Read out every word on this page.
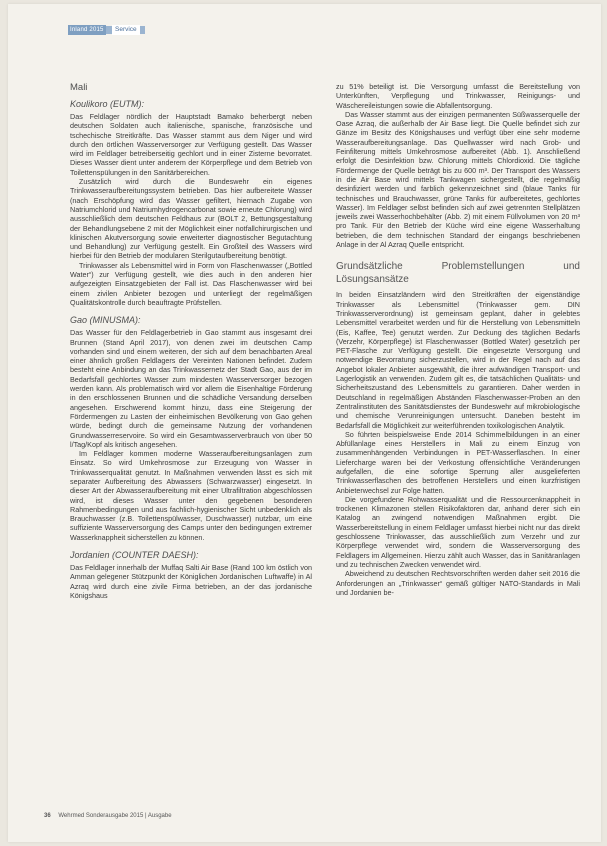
Inland 2015	Service
Mali
Koulikoro (EUTM):

Das Feldlager nördlich der Hauptstadt Bamako beherbergt neben deutschen Soldaten auch italienische, spanische, französische und tschechische Streitkräfte. Das Wasser stammt aus dem Niger und wird durch den örtlichen Wasserversorger zur Verfügung gestellt. Das Wasser wird im Feldlager betreiberseitig gechlort und in einer Zisterne bevorratet. Dieses Wasser dient unter anderem der Körperpflege und dem Betrieb von Toilettenspülungen in den Sanitärbereichen.

Zusätzlich wird durch die Bundeswehr ein eigenes Trinkwasseraufbereitungssystem betrieben. Das hier aufbereitete Wasser (nach Erschöpfung wird das Wasser gefiltert, hiernach Zugabe von Natriumchlorid und Natriumhydrogencarbonat sowie erneute Chlorung) wird ausschließlich dem deutschen Feldhaus zur (BOLT 2, Bettungsgestaltung der Behandlungsebene 2 mit der Möglichkeit einer notfallchirurgischen und klinischen Akutversorgung sowie erweiterter diagnostischer Begutachtung und Behandlung) zur Verfügung gestellt. Ein Großteil des Wassers wird hierbei für den Betrieb der modularen Sterilgutaufbereitung benötigt.

Trinkwasser als Lebensmittel wird in Form von Flaschenwasser („Bottled Water“) zur Verfügung gestellt, wie dies auch in den anderen hier aufgezeigten Einsatzgebieten der Fall ist. Das Flaschenwasser wird bei einem zivilen Anbieter bezogen und unterliegt der regelmäßigen Qualitätskontrolle durch beauftragte Prüfstellen.

Gao (MINUSMA):

Das Wasser für den Feldlagerbetrieb in Gao stammt aus insgesamt drei Brunnen (Stand April 2017), von denen zwei im deutschen Camp vorhanden sind und einem weiteren, der sich auf dem benachbarten Areal einer ähnlich großen Feldlagers der Vereinten Nationen befindet. Zudem besteht eine Anbindung an das Trinkwassernetz der Stadt Gao, aus der im Bedarfsfall gechlortes Wasser zum mindesten Wasserversorger bezogen werden kann. Als problematisch wird vor allem die Eisenhaltige Förderung in den erschlossenen Brunnen und die schädliche Versandung derselben angesehen. Erschwerend kommt hinzu, dass eine Steigerung der Fördermengen zu Lasten der einheimischen Bevölkerung von Gao gehen würde, bedingt durch die gemeinsame Nutzung der vorhandenen Grundwasserreservoire. So wird ein Gesamtwasserverbrauch von über 50 l/Tag/Kopf als kritisch angesehen.

Im Feldlager kommen moderne Wasseraufbereitungsanlagen zum Einsatz. So wird Umkehrosmose zur Erzeugung von Wasser in Trinkwasserqualität genutzt. In Maßnahmen verwenden lässt es sich mit separater Aufbereitung des Abwassers (Schwarzwasser) eingesetzt. In dieser Art der Abwasseraufbereitung mit einer Ultrafiltration abgeschlossen wird, ist dieses Wasser unter den gegebenen besonderen Rahmenbedingungen und aus fachlich-hygienischer Sicht unbedenklich als Brauchwasser (z.B. Toilettenspülwasser, Duschwasser) nutzbar, um eine suffiziente Wasserversorgung des Camps unter den bedingungen extremer Wasserknappheit sicherstellen zu können.

Jordanien (COUNTER DAESH):

Das Feldlager innerhalb der Muffaq Salti Air Base (Rand 100 km östlich von Amman gelegener Stützpunkt der Königlichen Jordanischen Luftwaffe) in Al Azraq wird durch eine zivile Firma betrieben, an der das jordanische Königshaus

zu 51% beteiligt ist. Die Versorgung umfasst die Bereitstellung von Unterkünften, Verpflegung und Trinkwasser, Reinigungs- und Wäschereileistungen sowie die Abfallentsorgung.

Das Wasser stammt aus der einzigen permanenten Süßwasserquelle der Oase Azraq, die außerhalb der Air Base liegt. Die Quelle befindet sich zur Gänze im Besitz des Königshauses und verfügt über eine sehr moderne Wasseraufbereitungsanlage. Das Quellwasser wird nach Grob- und Feinfilterung mittels Umkehrosmose aufbereitet (Abb. 1). Anschließend erfolgt die Desinfektion bzw. Chlorung mittels Chlordioxid. Die tägliche Fördermenge der Quelle beträgt bis zu 600 m³. Der Transport des Wassers in die Air Base wird mittels Tankwagen sichergestellt, die regelmäßig desinfiziert werden und farblich gekennzeichnet sind (blaue Tanks für technisches und Brauchwasser, grüne Tanks für aufbereitetes, gechlortes Wasser). Im Feldlager selbst befinden sich auf zwei getrennten Stellplätzen jeweils zwei Wasserhochbehälter (Abb. 2) mit einem Füllvolumen von 20 m³ pro Tank. Für den Betrieb der Küche wird eine eigene Wasserhaltung betrieben, die dem technischen Standard der eingangs beschriebenen Anlage in der Al Azraq Quelle entspricht.

Grundsätzliche Problemstellungen und Lösungsansätze

In beiden Einsatzländern wird den Streitkräften der eigenständige Trinkwasser als Lebensmittel (Trinkwasser gem. DIN Trinkwasserverordnung) ist gemeinsam geplant, daher in gelebtes Lebensmittel verarbeitet werden und für die Herstellung von Lebensmitteln (Eis, Kaffee, Tee) genutzt werden. Zur Deckung des täglichen Bedarfs (Verzehr, Körperpflege) ist Flaschenwasser (Bottled Water) gesetzlich per PET-Flasche zur Verfügung gestellt. Die eingesetzte Versorgung und notwendige Bevorratung sicherzustellen, wird in der Regel nach auf das Angebot lokaler Anbieter ausgewählt, die ihrer aufwändigen Transport- und Lagerlogistik an verwenden. Zudem gilt es, die tatsächlichen Qualitäts- und Sicherheitszustand des Lebensmittels zu garantieren. Daher werden in Deutschland in regelmäßigen Abständen Flaschenwasser-Proben an den Zentralinstituten des Sanitätsdienstes der Bundeswehr auf mikrobiologische und chemische Verunreinigungen untersucht. Daneben besteht im Bedarfsfall die Möglichkeit zur weiterführenden toxikologischen Analytik.

So führten beispielsweise Ende 2014 Schimmelbildungen in an einer Abfüllanlage eines Herstellers in Mali zu einem Einzug von zusammenhängenden Verbindungen in PET-Wasserflaschen. In einer Liefercharge waren bei der Verkostung offensichtliche Veränderungen aufgefallen, die eine sofortige Sperrung aller ausgelieferten Trinkwasserflaschen des betroffenen Herstellers und einen kurzfristigen Anbieterwechsel zur Folge hatten.

Die vorgefundene Rohwasserqualität und die Ressourcenknappheit in trockenen Klimazonen stellen Risikofaktoren dar, anhand derer sich ein Katalog an zwingend notwendigen Maßnahmen ergibt. Die Wasserbereitstellung in einem Feldlager umfasst hierbei nicht nur das direkt geschlossene Trinkwasser, das ausschließlich zum Verzehr und zur Körperpflege verwendet wird, sondern die Wasserversorgung des Feldlagers im Allgemeinen. Hierzu zählt auch Wasser, das in Sanitäranlagen und zu technischen Zwecken verwendet wird.

Abweichend zu deutschen Rechtsvorschriften werden daher seit 2016 die Anforderungen an „Trinkwasser“ gemäß gültiger NATO-Standards in Mali und Jordanien be-

36 Wehrmed Sonderausgabe 2015 | Ausgabe
